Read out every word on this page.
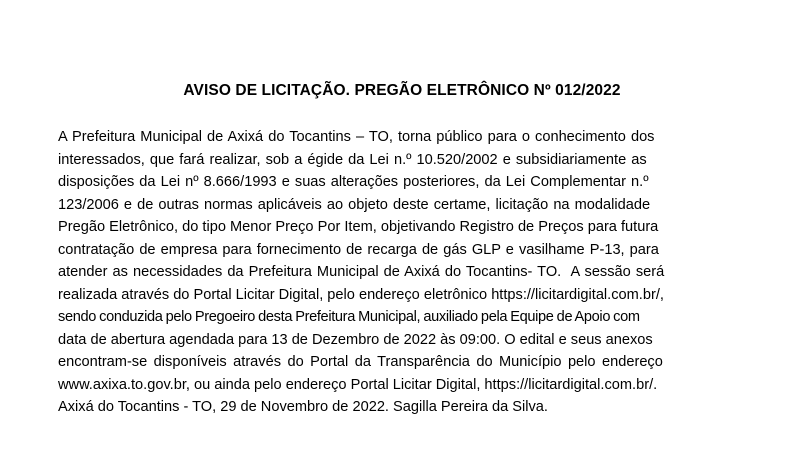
AVISO DE LICITAÇÃO. PREGÃO ELETRÔNICO Nº 012/2022

A Prefeitura Municipal de Axixá do Tocantins – TO, torna público para o conhecimento dos
interessados, que fará realizar, sob a égide da Lei n.º 10.520/2002 e subsidiariamente as
disposições da Lei nº 8.666/1993 e suas alterações posteriores, da Lei Complementar n.º
123/2006 e de outras normas aplicáveis ao objeto deste certame, licitação na modalidade
Pregão Eletrônico, do tipo Menor Preço Por Item, objetivando Registro de Preços para futura
contratação de empresa para fornecimento de recarga de gás GLP e vasilhame P-13, para
atender as necessidades da Prefeitura Municipal de Axixá do Tocantins- TO.  A sessão será
realizada através do Portal Licitar Digital, pelo endereço eletrônico https://licitardigital.com.br/,
sendo conduzida pelo Pregoeiro desta Prefeitura Municipal, auxiliado pela Equipe de Apoio com
data de abertura agendada para 13 de Dezembro de 2022 às 09:00. O edital e seus anexos
encontram-se disponíveis através do Portal da Transparência do Município pelo endereço
www.axixa.to.gov.br, ou ainda pelo endereço Portal Licitar Digital, https://licitardigital.com.br/.
Axixá do Tocantins - TO, 29 de Novembro de 2022. Sagilla Pereira da Silva.
